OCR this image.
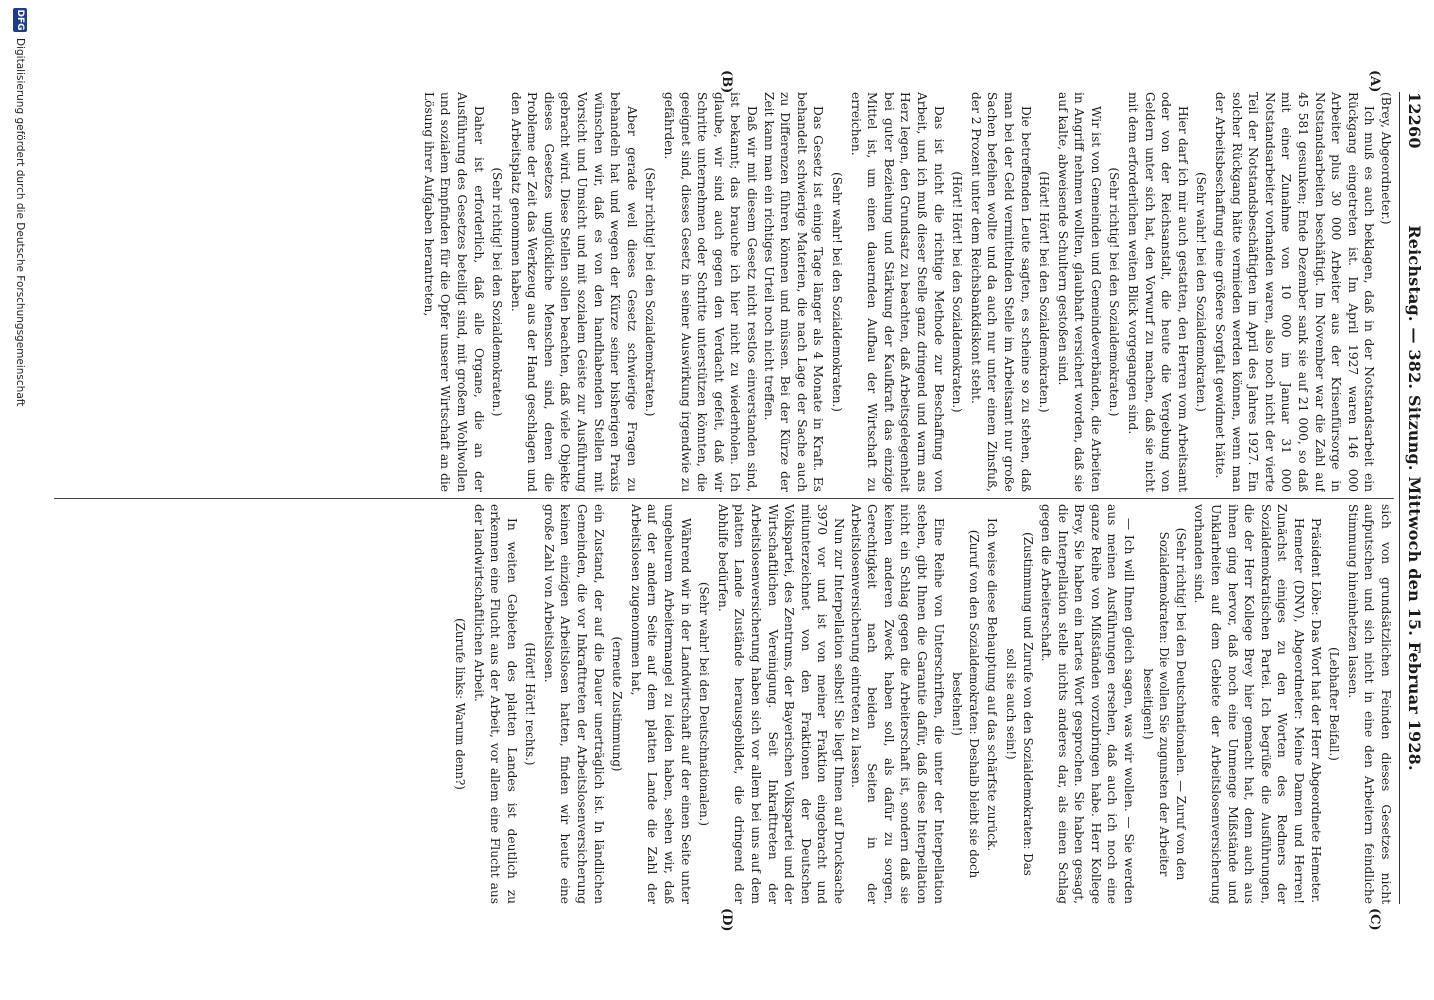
12260
Reichstag. — 382. Sitzung. Mittwoch den 15. Februar 1928.
(A)
(B)
(C)
(D)

(Brey, Abgeordneter.)

Ich muß es auch beklagen, daß in der Notstandsarbeit ein Rückgang eingetreten ist. Im April 1927 waren 146 000 Arbeiter plus 30 000 Arbeiter aus der Krisenfürsorge in Notstandsarbeiten beschäftigt. Im November war die Zahl auf 45 581 gesunken; Ende Dezember sank sie auf 21 000, so daß mit einer Zunahme von 10 000 im Januar 31 000 Notstandsarbeiter vorhanden waren, also noch nicht der vierte Teil der Notstandsbeschäftigten im April des Jahres 1927. Ein solcher Rückgang hätte vermieden werden können, wenn man der Arbeitsbeschaffung eine größere Sorgfalt gewidmet hätte.

(Sehr wahr! bei den Sozialdemokraten.)

Hier darf ich mir auch gestatten, den Herren vom Arbeitsamt oder von der Reichsanstalt, die heute die Vergebung von Geldern unter sich hat, den Vorwurf zu machen, daß sie nicht mit dem erforderlichen weiten Blick vorgegangen sind.

(Sehr richtig! bei den Sozialdemokraten.)

Wir ist von Gemeinden und Gemeindeverbänden, die Arbeiten in Angriff nehmen wollten, glaubhaft versichert worden, daß sie auf kalte, abweisende Schultern gestoßen sind.

(Hört! Hört! bei den Sozialdemokraten.)

Die betreffenden Leute sagten, es scheine so zu stehen, daß man bei der Geld vermittelnden Stelle im Arbeitsamt nur große Sachen befeihen wollte und da auch nur unter einem Zinsfuß, der 2 Prozent unter dem Reichsbankdiskont steht.

(Hört! Hört! bei den Sozialdemokraten.)

Das ist nicht die richtige Methode zur Beschaffung von Arbeit, und ich muß dieser Stelle ganz dringend und warm ans Herz legen, den Grundsatz zu beachten, daß Arbeitsgelegenheit bei guter Beziehung und Stärkung der Kaufkraft das einzige Mittel ist, um einen dauernden Aufbau der Wirtschaft zu erreichen.

(Sehr wahr! bei den Sozialdemokraten.)

Das Gesetz ist einige Tage länger als 4 Monate in Kraft. Es behandelt schwierige Materien, die nach Lage der Sache auch zu Differenzen führen können und müssen. Bei der Kürze der Zeit kann man ein richtiges Urteil noch nicht treffen.

Daß wir mit diesem Gesetz nicht restlos einverstanden sind, ist bekannt; das brauche ich hier nicht zu wiederholen. Ich glaube, wir sind auch gegen den Verdacht gefeit, daß wir Schritte unternehmen oder Schritte unterstützen könnten, die geeignet sind, dieses Gesetz in seiner Auswirkung irgendwie zu gefährden.

(Sehr richtig! bei den Sozialdemokraten.)

Aber gerade weil dieses Gesetz schwierige Fragen zu behandeln hat und wegen der Kürze seiner bisherigen Praxis wünschen wir, daß es von den handhabenden Stellen mit Vorsicht und Umsicht und mit sozialem Geiste zur Ausführung gebracht wird. Diese Stellen sollen beachten, daß viele Objekte dieses Gesetzes unglückliche Menschen sind, denen die Probleme der Zeit das Werkzeug aus der Hand geschlagen und den Arbeitsplatz genommen haben.

(Sehr richtig! bei den Sozialdemokraten.)

Daher ist erforderlich, daß alle Organe, die an der Ausführung des Gesetzes beteiligt sind, mit großem Wohlwollen und sozialem Empfinden für die Opfer unserer Wirtschaft an die Lösung ihrer Aufgaben herantreten,

sich von grundsätzlichen Feinden dieses Gesetzes nicht aufputschen und sich nicht in eine den Arbeitern feindliche Stimmung hineinhetzen lassen.

(Lebhafter Beifall.)

Präsident Löbe: Das Wort hat der Herr Abgeordnete Hemeter.

Hemeter (DNV), Abgeordneter: Meine Damen und Herren! Zunächst einiges zu den Worten des Redners der Sozialdemokratischen Partei. Ich begrüße die Ausführungen, die der Herr Kollege Brey hier gemacht hat, denn auch aus ihnen ging hervor, daß noch eine Unmenge Mißstände und Unklarheiten auf dem Gebiete der Arbeitslosenversicherung vorhanden sind.

(Sehr richtig! bei den Deutschnationalen. — Zuruf von den Sozialdemokraten: Die wollen Sie zugunsten der Arbeiter beseitigen!)

— Ich will Ihnen gleich sagen, was wir wollen. — Sie werden aus meinen Ausführungen ersehen, daß auch ich noch eine ganze Reihe von Mißständen vorzubringen habe. Herr Kollege Brey, Sie haben ein hartes Wort gesprochen. Sie haben gesagt, die Interpellation stelle nichts anderes dar, als einen Schlag gegen die Arbeiterschaft.

(Zustimmung und Zurufe von den Sozialdemokraten: Das soll sie auch sein!)

Ich weise diese Behauptung auf das schärfste zurück.

(Zuruf von den Sozialdemokraten: Deshalb bleibt sie doch bestehen!)

Eine Reihe von Unterschriften, die unter der Interpellation stehen, gibt Ihnen die Garantie dafür, daß diese Interpellation nicht ein Schlag gegen die Arbeiterschaft ist, sondern daß sie keinen anderen Zweck haben soll, als dafür zu sorgen, Gerechtigkeit nach beiden Seiten in der Arbeitslosenversicherung eintreten zu lassen.

Nun zur Interpellation selbst! Sie liegt Ihnen auf Drucksache 3970 vor und ist von meiner Fraktion eingebracht und mitunterzeichnet von den Fraktionen der Deutschen Volkspartei, des Zentrums, der Bayerischen Volkspartei und der Wirtschaftlichen Vereinigung. Seit Inkrafttreten der Arbeitslosenversicherung haben sich vor allem bei uns auf dem platten Lande Zustände herausgebildet, die dringend der Abhilfe bedürfen.

(Sehr wahr! bei den Deutschnationalen.)

Während wir in der Landwirtschaft auf der einen Seite unter ungeheurem Arbeitermangel zu leiden haben, sehen wir, daß auf der andern Seite auf dem platten Lande die Zahl der Arbeitslosen zugenommen hat,

(erneute Zustimmung)

ein Zustand, der auf die Dauer unerträglich ist. In ländlichen Gemeinden, die vor Inkrafttreten der Arbeitslosenversicherung keinen einzigen Arbeitslosen hatten, finden wir heute eine große Zahl von Arbeitslosen.

(Hört! Hört! rechts.)

In weiten Gebieten des platten Landes ist deutlich zu erkennen eine Flucht aus der Arbeit, vor allem eine Flucht aus der landwirtschaftlichen Arbeit.

(Zurufe links: Warum denn?)

DFG
Digitalisierung gefördert durch die Deutsche Forschungsgemeinschaft
